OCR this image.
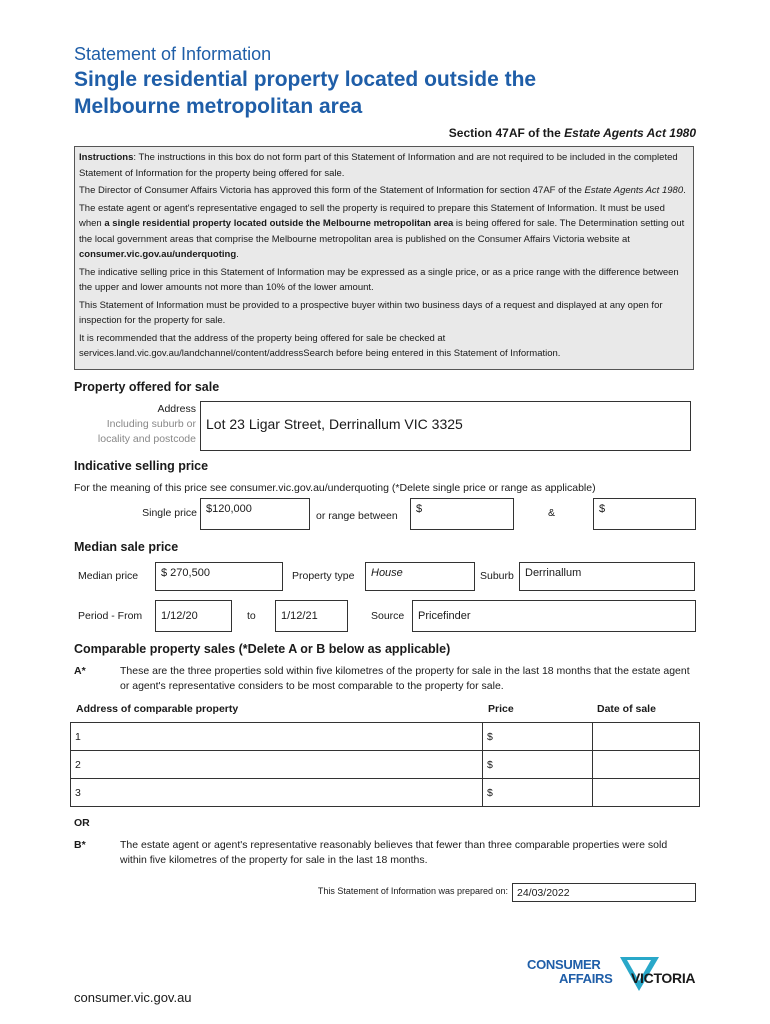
Statement of Information
Single residential property located outside the
Melbourne metropolitan area
Section 47AF of the Estate Agents Act 1980

Instructions: The instructions in this box do not form part of this Statement of Information and are not required to be included in the completed Statement of Information for the property being offered for sale.

The Director of Consumer Affairs Victoria has approved this form of the Statement of Information for section 47AF of the Estate Agents Act 1980.

The estate agent or agent's representative engaged to sell the property is required to prepare this Statement of Information. It must be used when a single residential property located outside the Melbourne metropolitan area is being offered for sale. The Determination setting out the local government areas that comprise the Melbourne metropolitan area is published on the Consumer Affairs Victoria website at consumer.vic.gov.au/underquoting.

The indicative selling price in this Statement of Information may be expressed as a single price, or as a price range with the difference between the upper and lower amounts not more than 10% of the lower amount.

This Statement of Information must be provided to a prospective buyer within two business days of a request and displayed at any open for inspection for the property for sale.

It is recommended that the address of the property being offered for sale be checked at services.land.vic.gov.au/landchannel/content/addressSearch before being entered in this Statement of Information.

Property offered for sale
Address
Including suburb or
locality and postcode
Lot 23 Ligar Street, Derrinallum VIC 3325
Indicative selling price
For the meaning of this price see consumer.vic.gov.au/underquoting (*Delete single price or range as applicable)
Single price $120,000
or range between
$	&	$
Median sale price
Median price	$ 270,500	Property type	House	Suburb	Derrinallum
Period - From	1/12/20	to	1/12/21	Source	Pricefinder
Comparable property sales (*Delete A or B below as applicable)
A*	These are the three properties sold within five kilometres of the property for sale in the last 18 months that the estate agent or agent's representative considers to be most comparable to the property for sale.
Address of comparable property	Price	Date of sale
1	$	
2	$	
3	$	
OR
B*	The estate agent or agent's representative reasonably believes that fewer than three comparable properties were sold within five kilometres of the property for sale in the last 18 months.
This Statement of Information was prepared on: 24/03/2022
CONSUMER
AFFAIRS VICTORIA
consumer.vic.gov.au
